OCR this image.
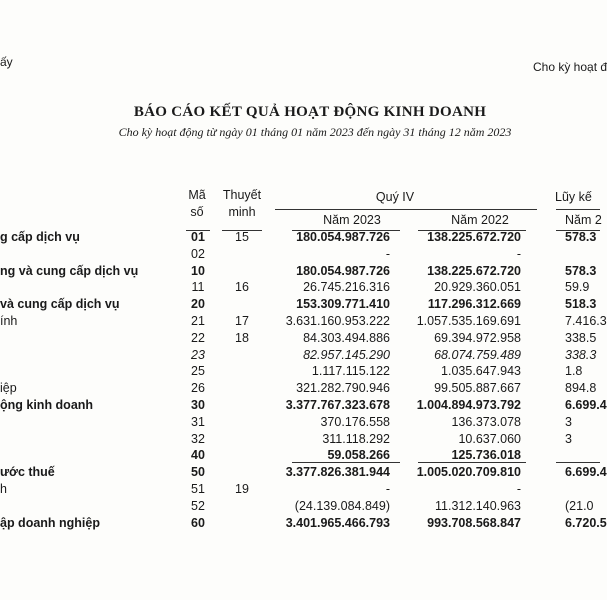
ấy	Cho kỳ hoạt đ
BÁO CÁO KẾT QUẢ HOẠT ĐỘNG KINH DOANH
Cho kỳ hoạt động từ ngày 01 tháng 01 năm 2023 đến ngày 31 tháng 12 năm 2023
Mã số
Thuyết minh
Quý IV	Lũy kế
Năm 2023	Năm 2022	Năm 2
g cấp dịch vụ	01	15	180.054.987.726	138.225.672.720	578.3
02	-	-
ng và cung cấp dịch vụ	10	180.054.987.726	138.225.672.720	578.3
11	16	26.745.216.316	20.929.360.051	59.9
và cung cấp dịch vụ	20	153.309.771.410	117.296.312.669	518.3
ính	21	17	3.631.160.953.222 1.057.535.169.691	7.416.3
22	18	84.303.494.886	69.394.972.958	338.5
23	82.957.145.290	68.074.759.489	338.3
25	1.117.115.122	1.035.647.943	1.8
iệp	26	321.282.790.946	99.505.887.667	894.8
ộng kinh doanh	30	3.377.767.323.678 1.004.894.973.792	6.699.4
31	370.176.558	136.373.078	3
32	311.118.292	10.637.060	3
40	59.058.266	125.736.018
ước thuế	50	3.377.826.381.944 1.005.020.709.810	6.699.4
h	51	19	-	-
52	(24.139.084.849)	11.312.140.963	(21.0
ập doanh nghiệp	60	3.401.965.466.793	993.708.568.847	6.720.5
